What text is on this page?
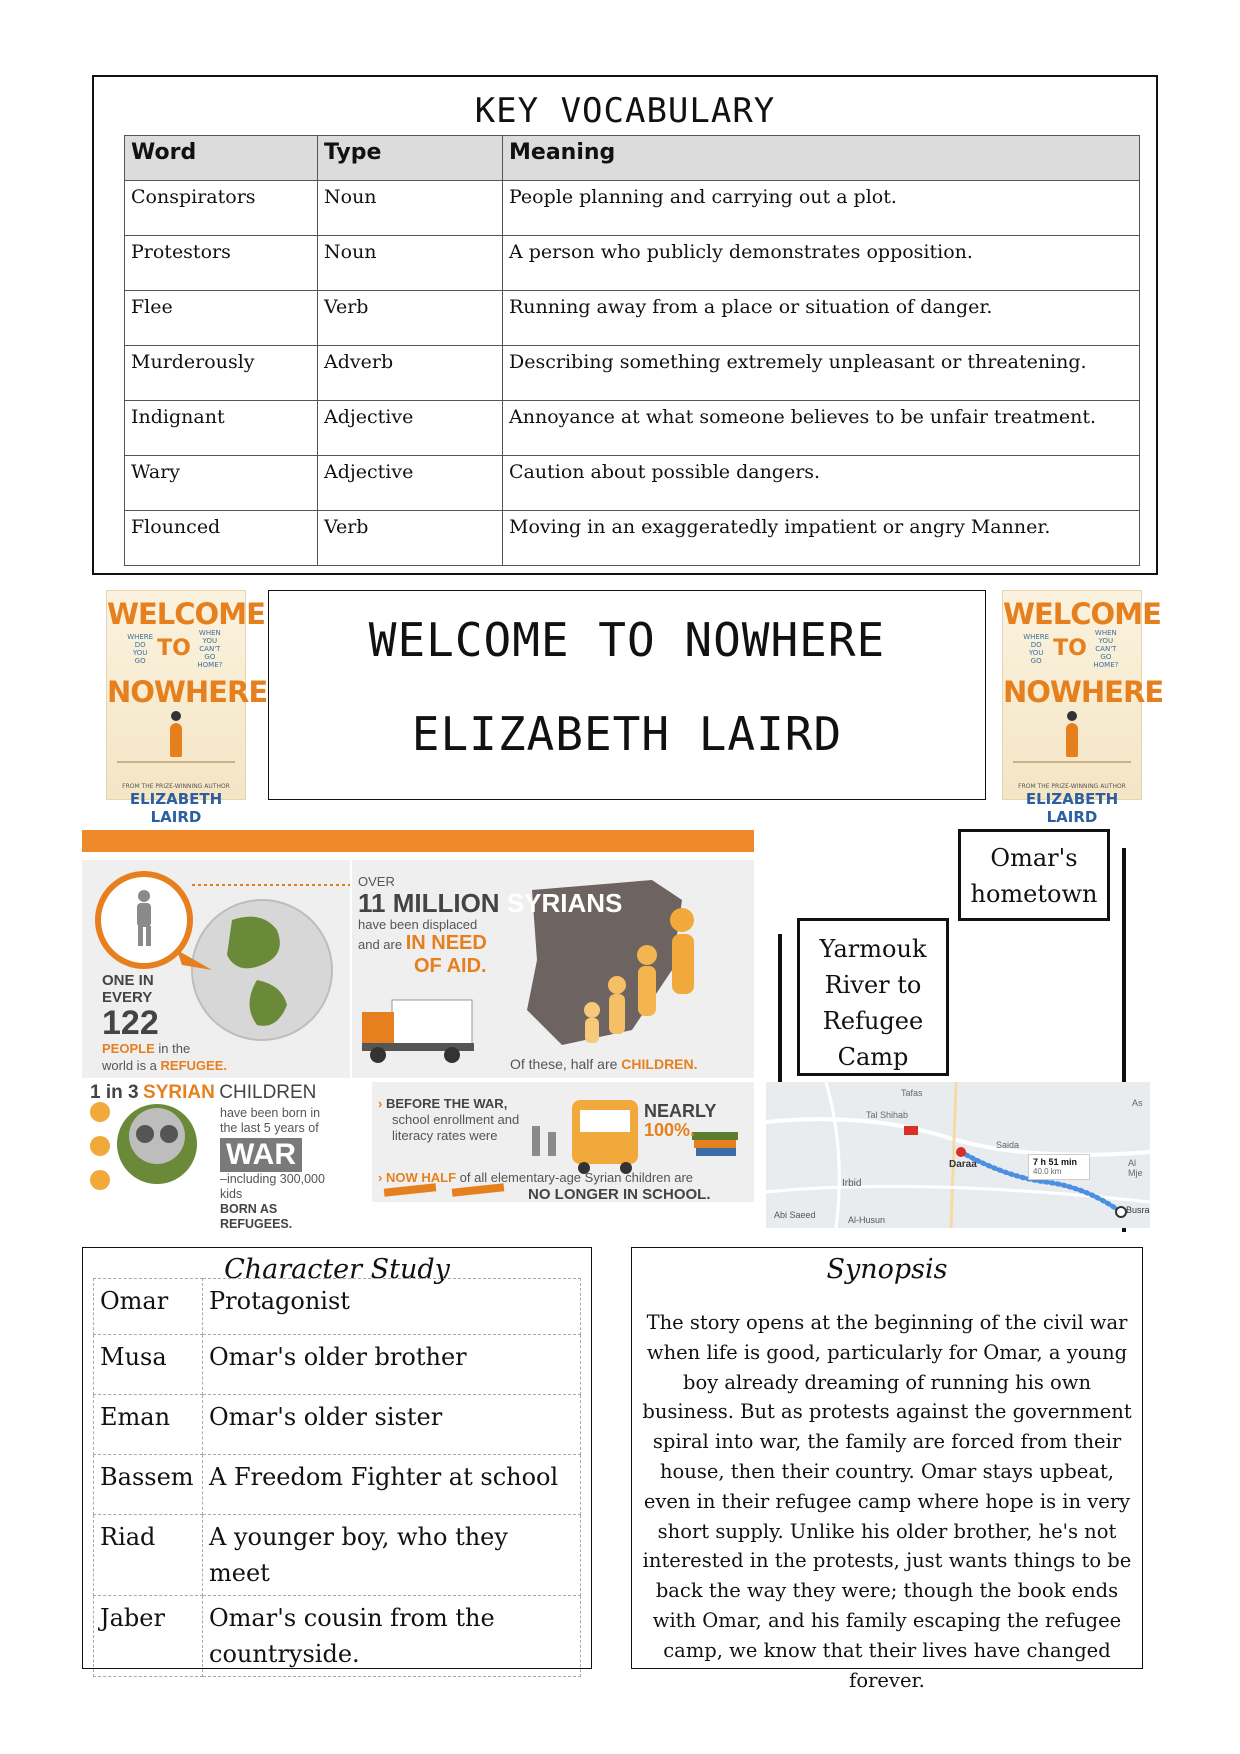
KEY VOCABULARY
Word	Type	Meaning
Conspirators	Noun	People planning and carrying out a plot.
Protestors	Noun	A person who publicly demonstrates opposition.
Flee	Verb	Running away from a place or situation of danger.
Murderously	Adverb	Describing something extremely unpleasant or threatening.
Indignant	Adjective	Annoyance at what someone believes to be unfair treatment.
Wary	Adjective	Caution about possible dangers.
Flounced	Verb	Moving in an exaggeratedly impatient or angry Manner.
WELCOME
WHERE DO YOU GO TO
WHEN YOU CAN'T GO HOME?
NOWHERE
FROM THE PRIZE-WINNING AUTHOR
ELIZABETH LAIRD
WELCOME TO NOWHERE
ELIZABETH LAIRD
WELCOME
WHERE DO YOU GO TO
WHEN YOU CAN'T GO HOME?
NOWHERE
FROM THE PRIZE-WINNING AUTHOR
ELIZABETH LAIRD
ONE IN
EVERY
122
PEOPLE in the
world is a REFUGEE.
OVER
11 MILLION SYRIANS
have been displaced
and are IN NEED
OF AID.
Of these, half are CHILDREN.
1 in 3 SYRIAN CHILDREN
have been born in
the last 5 years of
WAR
–including 300,000 kids
BORN AS REFUGEES.
› BEFORE THE WAR,
school enrollment and
literacy rates were
NEARLY
100%.
› NOW HALF of all elementary-age Syrian children are
NO LONGER IN SCHOOL.
Omar's hometown
Yarmouk River to Refugee Camp
Tafas
Tal Shihab
Daraa
Saida
Irbid
Busra
Abi Saeed	Al-Husun
Al Mje
As
7 h 51 min
40.0 km
Character Study
Omar	Protagonist
Musa	Omar's older brother
Eman	Omar's older sister
Bassem	A Freedom Fighter at school
Riad	A younger boy, who they meet
Jaber	Omar's cousin from the countryside.
Synopsis
The story opens at the beginning of the civil war when life is good, particularly for Omar, a young boy already dreaming of running his own business. But as protests against the government spiral into war, the family are forced from their house, then their country. Omar stays upbeat, even in their refugee camp where hope is in very short supply. Unlike his older brother, he's not interested in the protests, just wants things to be back the way they were; though the book ends with Omar, and his family escaping the refugee camp, we know that their lives have changed forever.
